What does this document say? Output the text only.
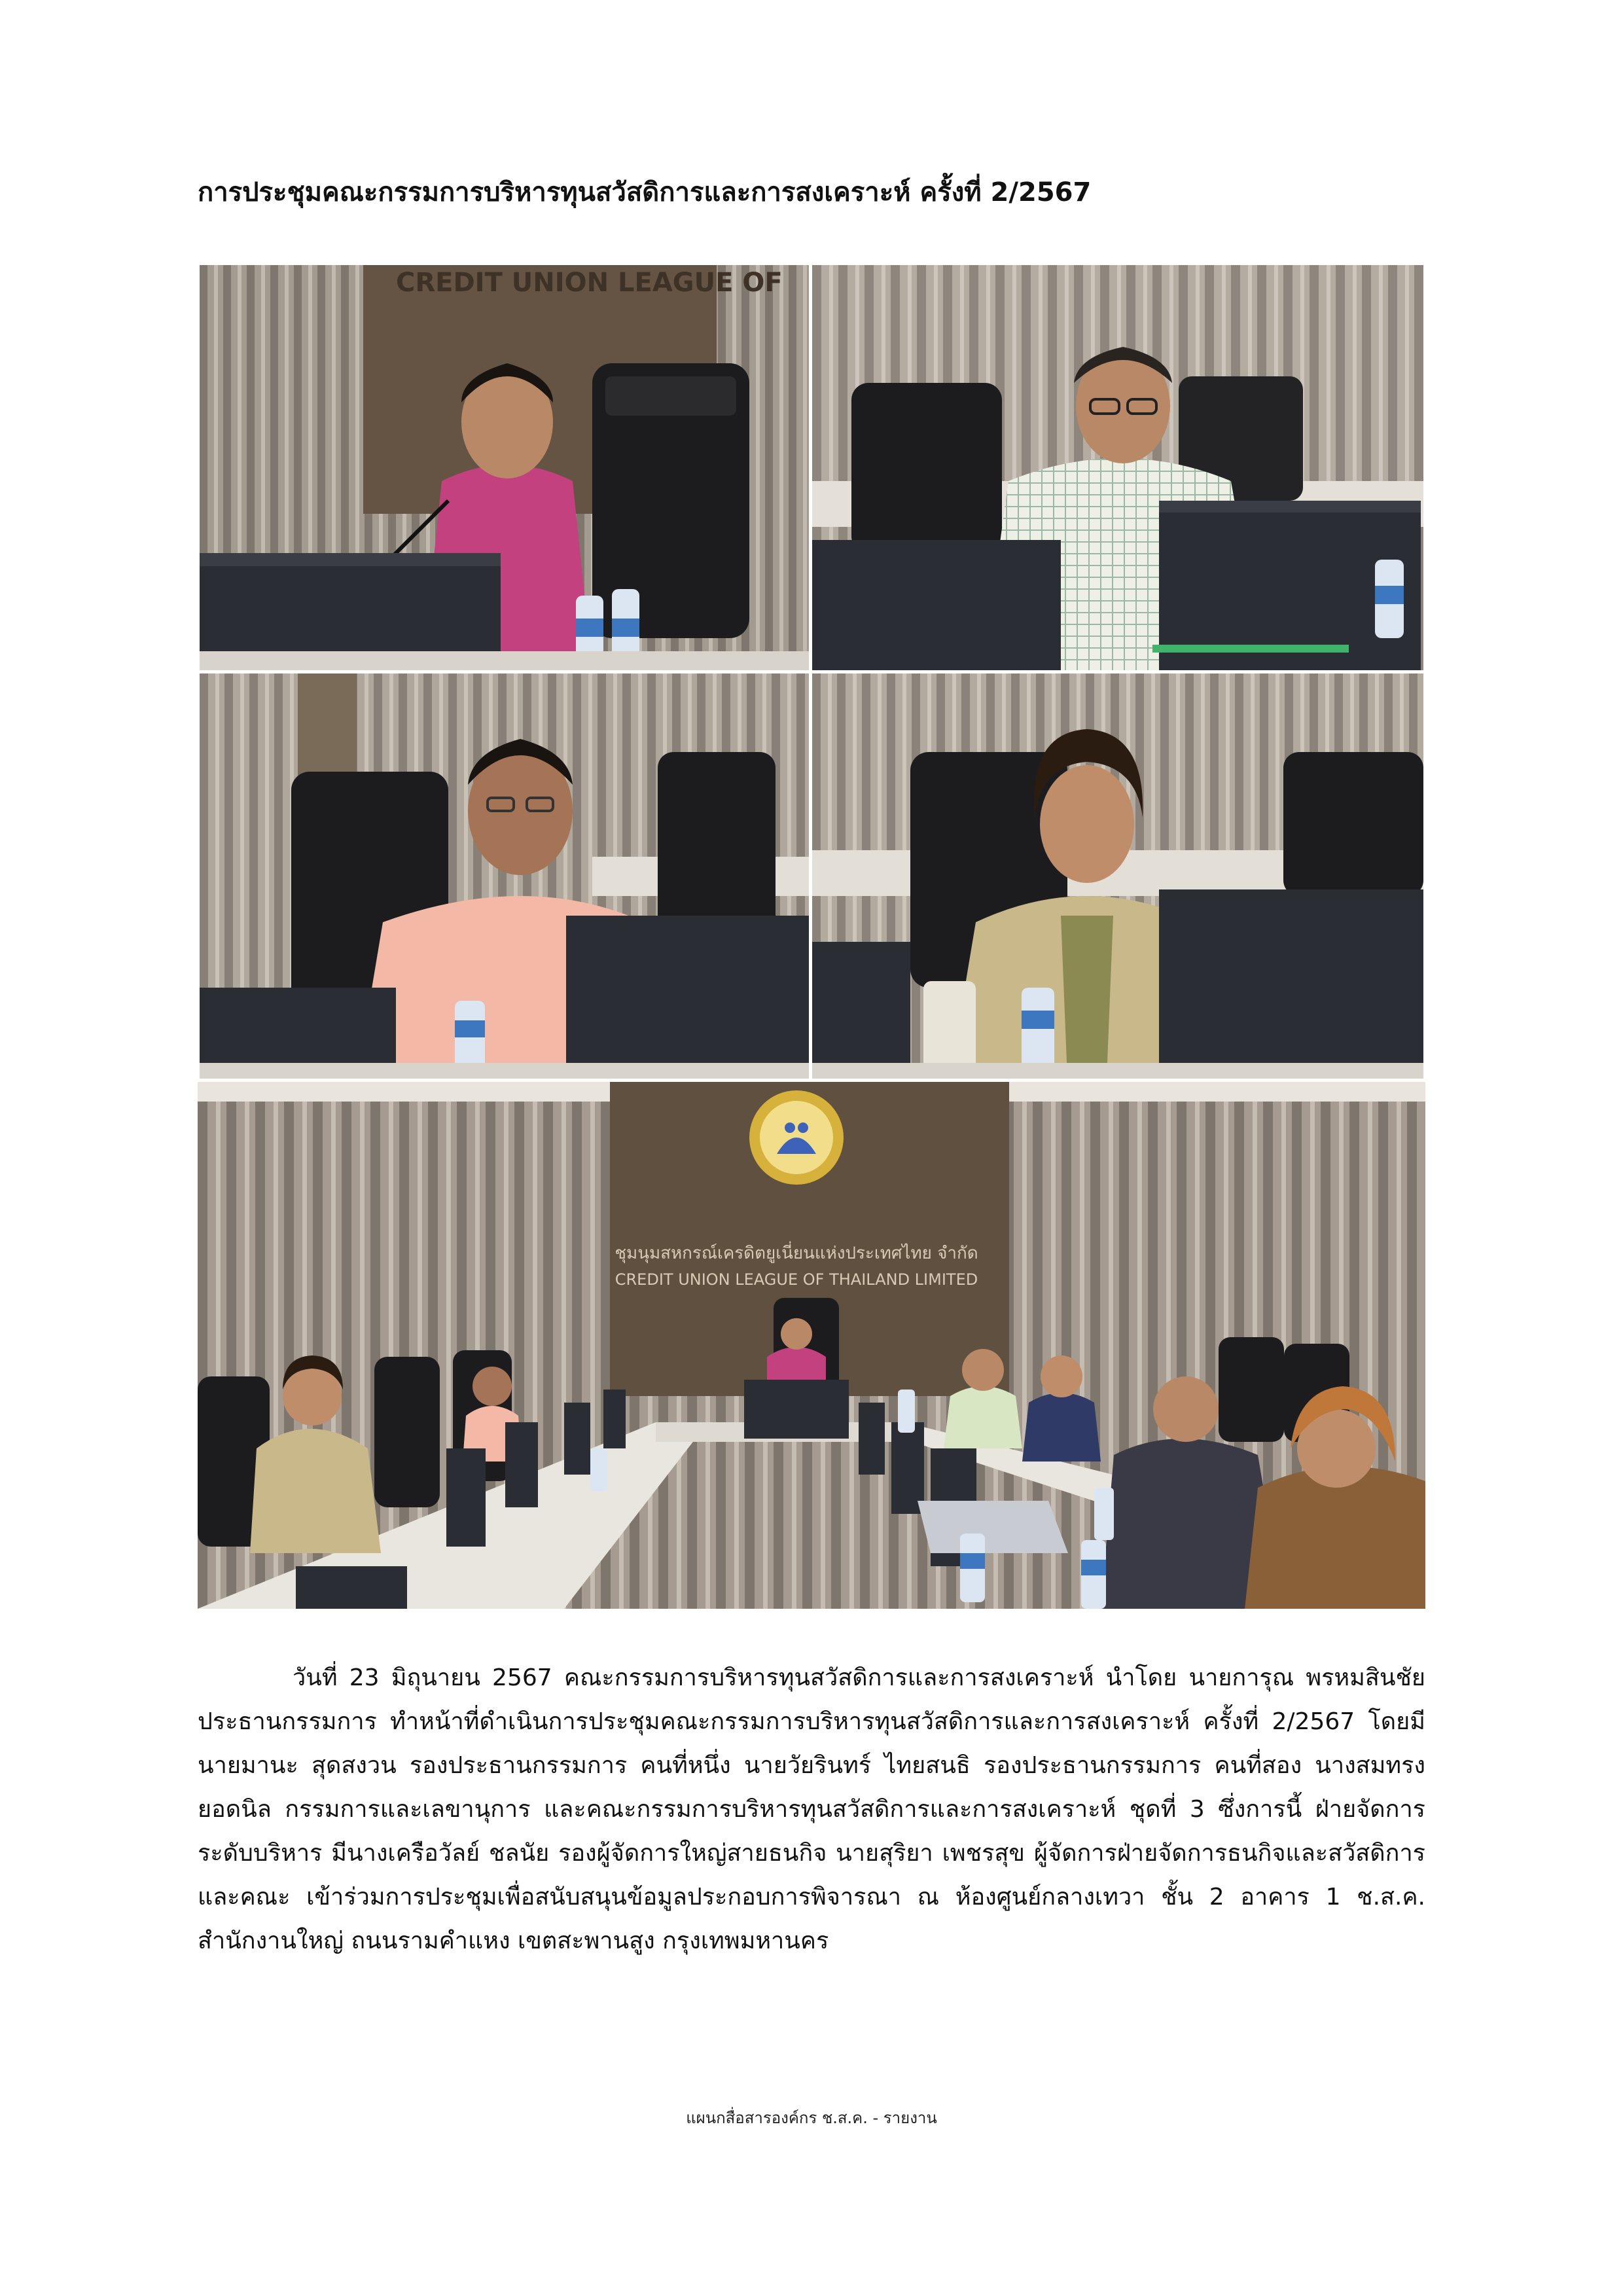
การประชุมคณะกรรมการบริหารทุนสวัสดิการและการสงเคราะห์ ครั้งที่ 2/2567
CREDIT UNION LEAGUE OF
ชุมนุมสหกรณ์เครดิตยูเนี่ยนแห่งประเทศไทย จำกัด
CREDIT UNION LEAGUE OF THAILAND LIMITED

วันที่ 23 มิถุนายน 2567 คณะกรรมการบริหารทุนสวัสดิการและการสงเคราะห์ นำโดย นายการุณ พรหมสินชัย ประธานกรรมการ ทำหน้าที่ดำเนินการประชุมคณะกรรมการบริหารทุนสวัสดิการและการสงเคราะห์ ครั้งที่ 2/2567 โดยมี นายมานะ สุดสงวน รองประธานกรรมการ คนที่หนึ่ง นายวัยรินทร์ ไทยสนธิ รองประธานกรรมการ คนที่สอง นางสมทรง ยอดนิล กรรมการและเลขานุการ และคณะกรรมการบริหารทุนสวัสดิการและการสงเคราะห์ ชุดที่ 3 ซึ่งการนี้ ฝ่ายจัดการระดับบริหาร มีนางเครือวัลย์ ชลนัย รองผู้จัดการใหญ่สายธนกิจ นายสุริยา เพชรสุข ผู้จัดการฝ่ายจัดการธนกิจและสวัสดิการ และคณะ เข้าร่วมการประชุมเพื่อสนับสนุนข้อมูลประกอบการพิจารณา ณ ห้องศูนย์กลางเทวา ชั้น 2 อาคาร 1 ช.ส.ค. สำนักงานใหญ่ ถนนรามคำแหง เขตสะพานสูง กรุงเทพมหานคร

แผนกสื่อสารองค์กร ช.ส.ค. - รายงาน
